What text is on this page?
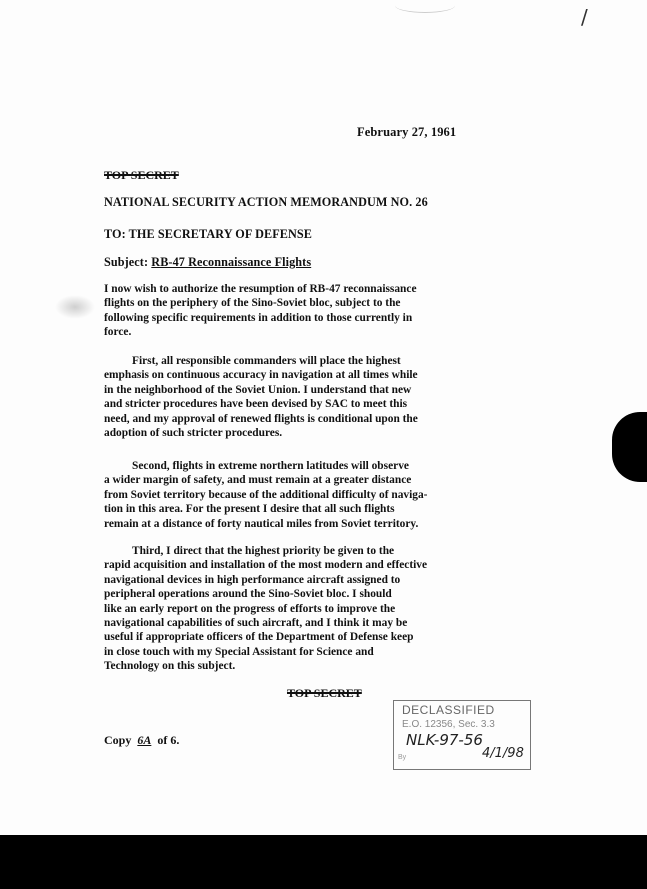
/
February 27, 1961
TOP SECRET
NATIONAL SECURITY ACTION MEMORANDUM NO. 26
TO: THE SECRETARY OF DEFENSE
Subject: RB-47 Reconnaissance Flights
I now wish to authorize the resumption of RB-47 reconnaissance
flights on the periphery of the Sino-Soviet bloc, subject to the
following specific requirements in addition to those currently in
force.
First, all responsible commanders will place the highest
emphasis on continuous accuracy in navigation at all times while
in the neighborhood of the Soviet Union. I understand that new
and stricter procedures have been devised by SAC to meet this
need, and my approval of renewed flights is conditional upon the
adoption of such stricter procedures.
Second, flights in extreme northern latitudes will observe
a wider margin of safety, and must remain at a greater distance
from Soviet territory because of the additional difficulty of naviga-
tion in this area. For the present I desire that all such flights
remain at a distance of forty nautical miles from Soviet territory.
Third, I direct that the highest priority be given to the
rapid acquisition and installation of the most modern and effective
navigational devices in high performance aircraft assigned to
peripheral operations around the Sino-Soviet bloc. I should
like an early report on the progress of efforts to improve the
navigational capabilities of such aircraft, and I think it may be
useful if appropriate officers of the Department of Defense keep
in close touch with my Special Assistant for Science and
Technology on this subject.
TOP SECRET
Copy 6A of 6.
DECLASSIFIED
E.O. 12356, Sec. 3.3
NLK-97-56
By	4/1/98
